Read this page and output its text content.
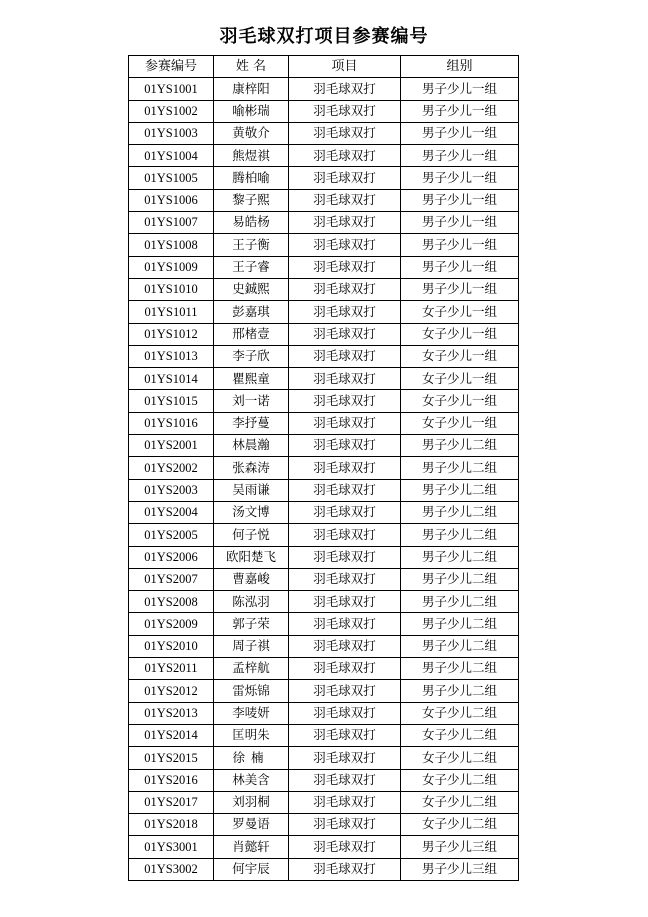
羽毛球双打项目参赛编号
参赛编号	姓 名	项目	组别
01YS1001	康梓阳	羽毛球双打	男子少儿一组
01YS1002	喻彬瑞	羽毛球双打	男子少儿一组
01YS1003	黄敬介	羽毛球双打	男子少儿一组
01YS1004	熊煜祺	羽毛球双打	男子少儿一组
01YS1005	腾柏喻	羽毛球双打	男子少儿一组
01YS1006	黎子熙	羽毛球双打	男子少儿一组
01YS1007	易皓杨	羽毛球双打	男子少儿一组
01YS1008	王子衡	羽毛球双打	男子少儿一组
01YS1009	王子睿	羽毛球双打	男子少儿一组
01YS1010	史鋮熙	羽毛球双打	男子少儿一组
01YS1011	彭嘉琪	羽毛球双打	女子少儿一组
01YS1012	邢楮壹	羽毛球双打	女子少儿一组
01YS1013	李子欣	羽毛球双打	女子少儿一组
01YS1014	瞿熙童	羽毛球双打	女子少儿一组
01YS1015	刘一诺	羽毛球双打	女子少儿一组
01YS1016	李抒蔓	羽毛球双打	女子少儿一组
01YS2001	林晨瀚	羽毛球双打	男子少儿二组
01YS2002	张森涛	羽毛球双打	男子少儿二组
01YS2003	吴雨谦	羽毛球双打	男子少儿二组
01YS2004	汤文博	羽毛球双打	男子少儿二组
01YS2005	何子悦	羽毛球双打	男子少儿二组
01YS2006	欧阳楚飞	羽毛球双打	男子少儿二组
01YS2007	曹嘉峻	羽毛球双打	男子少儿二组
01YS2008	陈泓羽	羽毛球双打	男子少儿二组
01YS2009	郭子荣	羽毛球双打	男子少儿二组
01YS2010	周子祺	羽毛球双打	男子少儿二组
01YS2011	孟梓航	羽毛球双打	男子少儿二组
01YS2012	雷烁锦	羽毛球双打	男子少儿二组
01YS2013	李唛妍	羽毛球双打	女子少儿二组
01YS2014	匡明朱	羽毛球双打	女子少儿二组
01YS2015	徐楠	羽毛球双打	女子少儿二组
01YS2016	林美含	羽毛球双打	女子少儿二组
01YS2017	刘羽桐	羽毛球双打	女子少儿二组
01YS2018	罗曼语	羽毛球双打	女子少儿二组
01YS3001	肖懿轩	羽毛球双打	男子少儿三组
01YS3002	何宇辰	羽毛球双打	男子少儿三组
